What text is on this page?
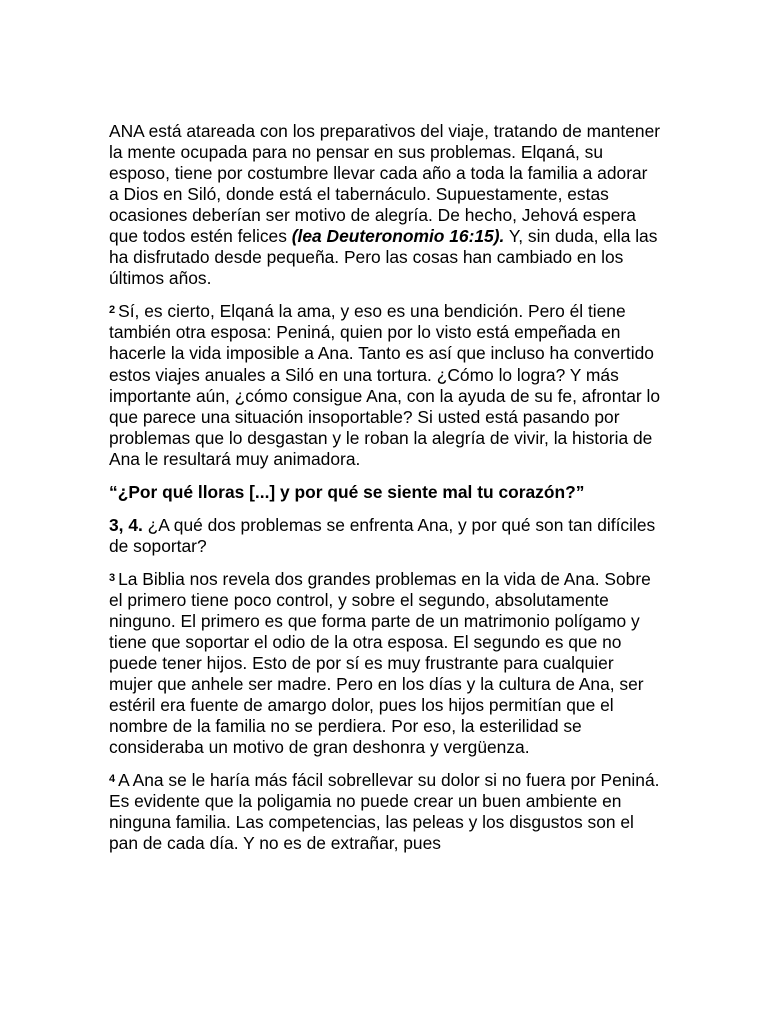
ANA está atareada con los preparativos del viaje, tratando de mantener la mente ocupada para no pensar en sus problemas. Elqaná, su esposo, tiene por costumbre llevar cada año a toda la familia a adorar a Dios en Siló, donde está el tabernáculo. Supuestamente, estas ocasiones deberían ser motivo de alegría. De hecho, Jehová espera que todos estén felices (lea Deuteronomio 16:15). Y, sin duda, ella las ha disfrutado desde pequeña. Pero las cosas han cambiado en los últimos años.

$^2$ Sí, es cierto, Elqaná la ama, y eso es una bendición. Pero él tiene también otra esposa: Peniná, quien por lo visto está empeñada en hacerle la vida imposible a Ana. Tanto es así que incluso ha convertido estos viajes anuales a Siló en una tortura. ¿Cómo lo logra? Y más importante aún, ¿cómo consigue Ana, con la ayuda de su fe, afrontar lo que parece una situación insoportable? Si usted está pasando por problemas que lo desgastan y le roban la alegría de vivir, la historia de Ana le resultará muy animadora.

“¿Por qué lloras [...] y por qué se siente mal tu corazón?”

3, 4. ¿A qué dos problemas se enfrenta Ana, y por qué son tan difíciles de soportar?

$^3$ La Biblia nos revela dos grandes problemas en la vida de Ana. Sobre el primero tiene poco control, y sobre el segundo, absolutamente ninguno. El primero es que forma parte de un matrimonio polígamo y tiene que soportar el odio de la otra esposa. El segundo es que no puede tener hijos. Esto de por sí es muy frustrante para cualquier mujer que anhele ser madre. Pero en los días y la cultura de Ana, ser estéril era fuente de amargo dolor, pues los hijos permitían que el nombre de la familia no se perdiera. Por eso, la esterilidad se consideraba un motivo de gran deshonra y vergüenza.

$^4$ A Ana se le haría más fácil sobrellevar su dolor si no fuera por Peniná. Es evidente que la poligamia no puede crear un buen ambiente en ninguna familia. Las competencias, las peleas y los disgustos son el pan de cada día. Y no es de extrañar, pues
